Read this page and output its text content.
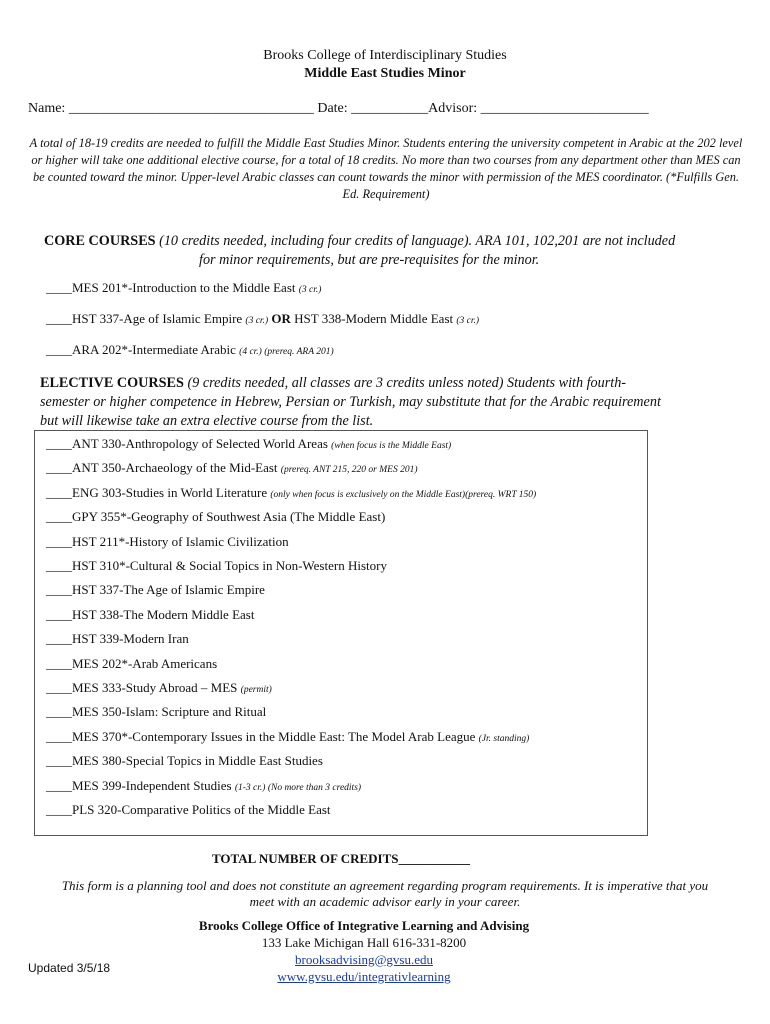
Brooks College of Interdisciplinary Studies
Middle East Studies Minor
Name: ___________________________________ Date: ___________Advisor: ________________________
A total of 18-19 credits are needed to fulfill the Middle East Studies Minor. Students entering the university competent in Arabic at the 202 level or higher will take one additional elective course, for a total of 18 credits. No more than two courses from any department other than MES can be counted toward the minor. Upper-level Arabic classes can count towards the minor with permission of the MES coordinator. (*Fulfills Gen. Ed. Requirement)
CORE COURSES (10 credits needed, including four credits of language). ARA 101, 102,201 are not included
for minor requirements, but are pre-requisites for the minor.
____MES 201*-Introduction to the Middle East (3 cr.)
____HST 337-Age of Islamic Empire (3 cr.) OR HST 338-Modern Middle East (3 cr.)
____ARA 202*-Intermediate Arabic (4 cr.) (prereq. ARA 201)
ELECTIVE COURSES (9 credits needed, all classes are 3 credits unless noted) Students with fourth-
semester or higher competence in Hebrew, Persian or Turkish, may substitute that for the Arabic requirement
but will likewise take an extra elective course from the list.
____ANT 330-Anthropology of Selected World Areas (when focus is the Middle East)
____ANT 350-Archaeology of the Mid-East (prereq. ANT 215, 220 or MES 201)
____ENG 303-Studies in World Literature (only when focus is exclusively on the Middle East)(prereq. WRT 150)
____GPY 355*-Geography of Southwest Asia (The Middle East)
____HST 211*-History of Islamic Civilization
____HST 310*-Cultural & Social Topics in Non-Western History
____HST 337-The Age of Islamic Empire
____HST 338-The Modern Middle East
____HST 339-Modern Iran
____MES 202*-Arab Americans
____MES 333-Study Abroad – MES (permit)
____MES 350-Islam: Scripture and Ritual
____MES 370*-Contemporary Issues in the Middle East: The Model Arab League (Jr. standing)
____MES 380-Special Topics in Middle East Studies
____MES 399-Independent Studies (1-3 cr.) (No more than 3 credits)
____PLS 320-Comparative Politics of the Middle East
TOTAL NUMBER OF CREDITS___________
This form is a planning tool and does not constitute an agreement regarding program requirements. It is imperative that you
meet with an academic advisor early in your career.
Brooks College Office of Integrative Learning and Advising
133 Lake Michigan Hall 616-331-8200
brooksadvising@gvsu.edu
www.gvsu.edu/integrativlearning
Updated 3/5/18
